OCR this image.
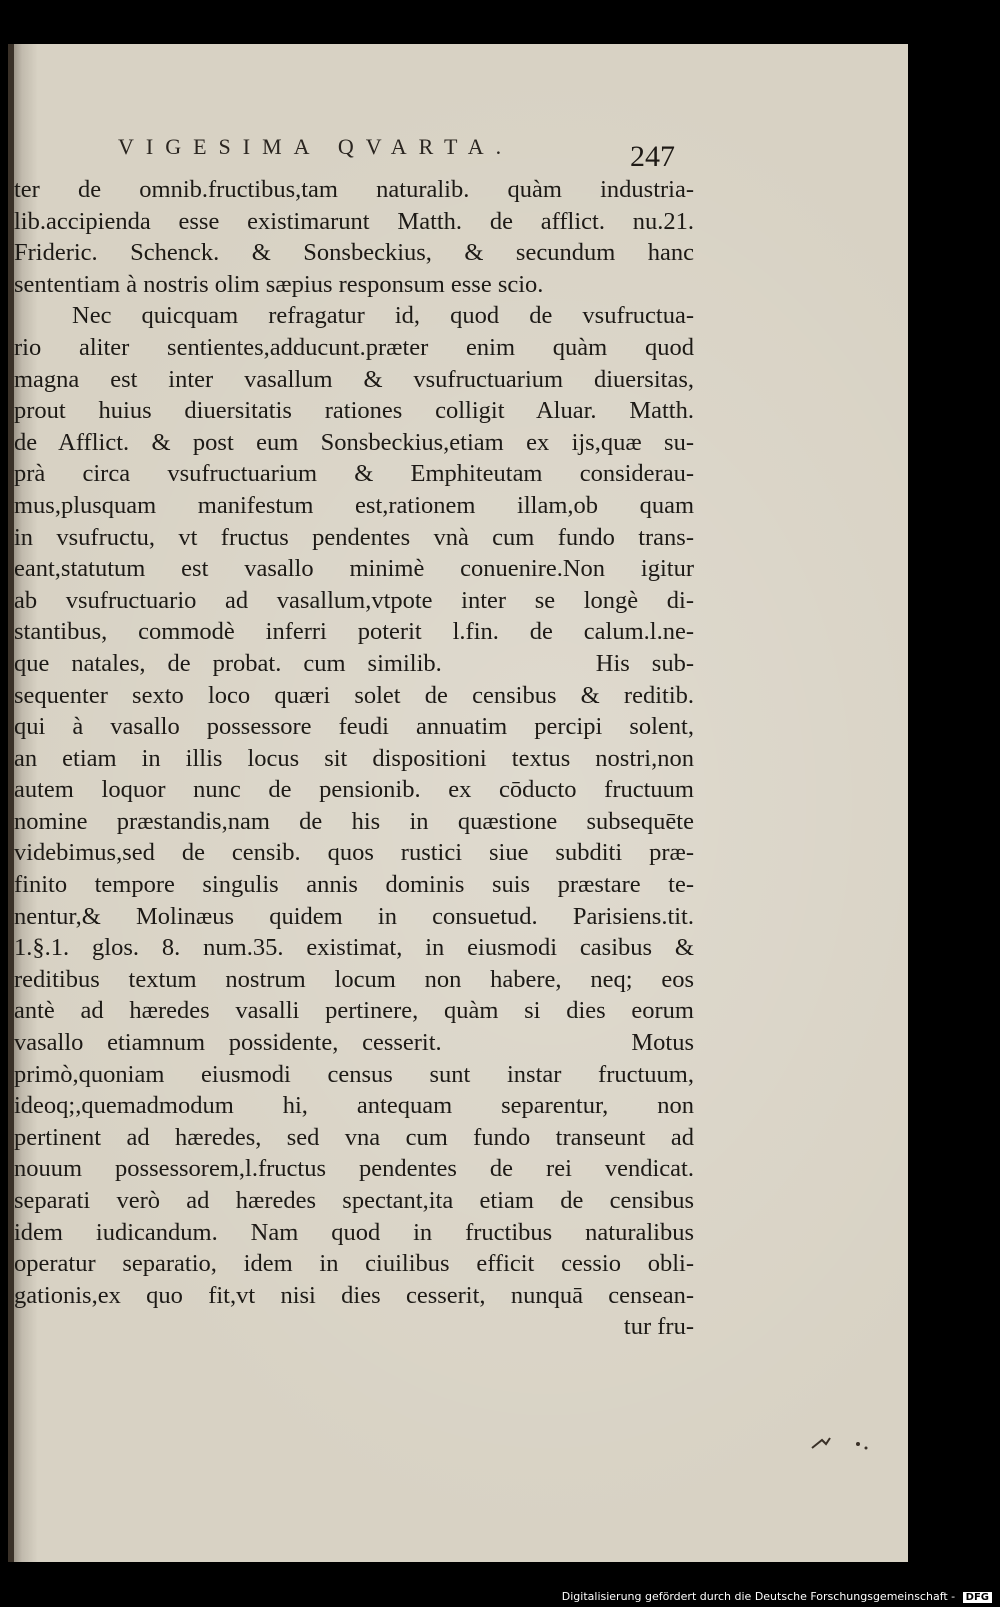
VIGESIMA QVARTA.	247
ter de omnib.fructibus,tam naturalib. quàm industria-
lib.accipienda esse existimarunt Matth. de afflict. nu.21.
Frideric. Schenck. & Sonsbeckius, & secundum hanc
sententiam à nostris olim sæpius responsum esse scio.
Nec quicquam refragatur id, quod de vsufructua-
rio aliter sentientes,adducunt.præter enim quàm quod
magna est inter vasallum & vsufructuarium diuersitas,
prout huius diuersitatis rationes colligit Aluar. Matth.
de Afflict. & post eum Sonsbeckius,etiam ex ijs,quæ su-
prà circa vsufructuarium & Emphiteutam considerau-
mus,plusquam manifestum est,rationem illam,ob quam
in vsufructu, vt fructus pendentes vnà cum fundo trans-
eant,statutum est vasallo minimè conuenire.Non igitur
ab vsufructuario ad vasallum,vtpote inter se longè di-
stantibus, commodè inferri poterit l.fin. de calum.l.ne-
que natales, de probat. cum similib.       His sub-
sequenter sexto loco quæri solet de censibus & reditib.
qui à vasallo possessore feudi annuatim percipi solent,
an etiam in illis locus sit dispositioni textus nostri,non
autem loquor nunc de pensionib. ex cōducto fructuum
nomine præstandis,nam de his in quæstione subsequēte
videbimus,sed de censib. quos rustici siue subditi præ-
finito tempore singulis annis dominis suis præstare te-
nentur,& Molinæus quidem in consuetud. Parisiens.tit.
1.§.1. glos. 8. num.35. existimat, in eiusmodi casibus &
reditibus textum nostrum locum non habere, neq; eos
antè ad hæredes vasalli pertinere, quàm si dies eorum
vasallo etiamnum possidente, cesserit.        Motus
primò,quoniam eiusmodi census sunt instar fructuum,
ideoq;,quemadmodum hi, antequam separentur, non
pertinent ad hæredes, sed vna cum fundo transeunt ad
nouum possessorem,l.fructus pendentes de rei vendicat.
separati verò ad hæredes spectant,ita etiam de censibus
idem iudicandum. Nam quod in fructibus naturalibus
operatur separatio, idem in ciuilibus efficit cessio obli-
gationis,ex quo fit,vt nisi dies cesserit, nunquā censean-
tur fru-
Digitalisierung gefördert durch die Deutsche Forschungsgemeinschaft - DFG
